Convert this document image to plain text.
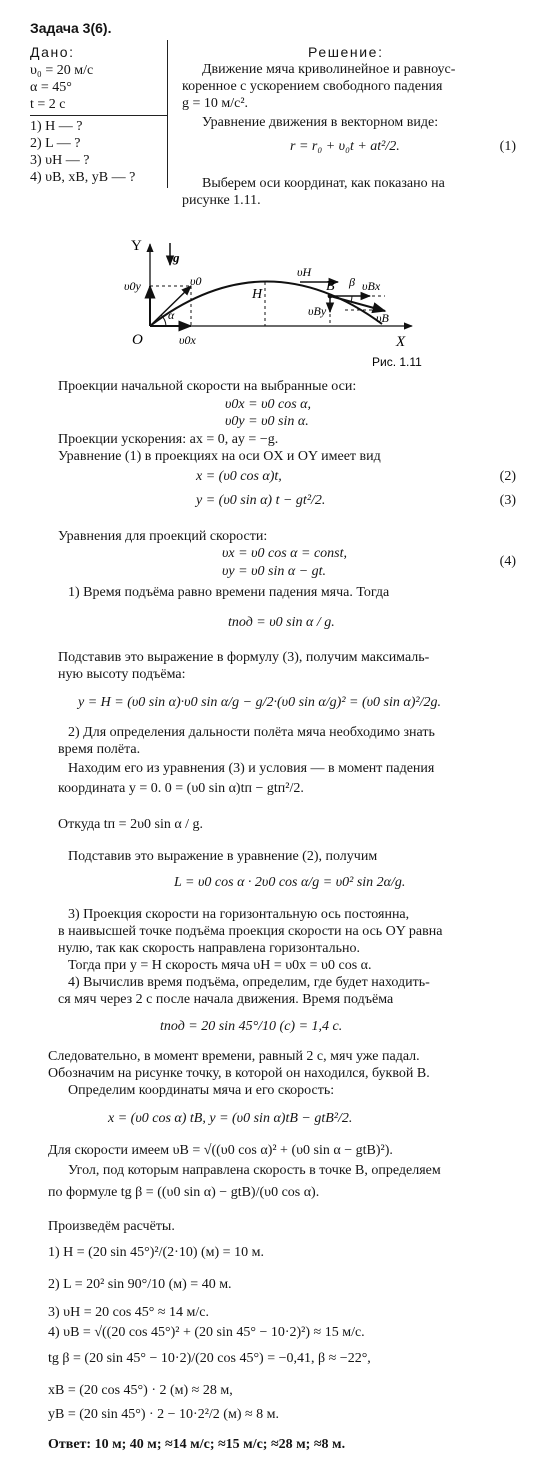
Задача 3(6).
Дано:
υ₀ = 20 м/с
α = 45°
t = 2 с
1) H — ?
2) L — ?
3) υH — ?
4) υB, xB, yB — ?
Решение:
Движение мяча криволинейное и равноус-
коренное с ускорением свободного падения
g = 10 м/с².
Уравнение движения в векторном виде:
r = r₀ + υ₀t + at²/2.	(1)
Выберем оси координат, как показано на
рисунке 1.11.
Y
X
O
g
υ0
υ0y
υ0x
α
H
υH
B β υBx
υBy	υB
Рис. 1.11
Проекции начальной скорости на выбранные оси:
υ0x = υ0 cos α,
υ0y = υ0 sin α.
Проекции ускорения: ax = 0, ay = −g.
Уравнение (1) в проекциях на оси OX и OY имеет вид
x = (υ0 cos α)t,	(2)
y = (υ0 sin α) t − gt²/2.	(3)
Уравнения для проекций скорости:
υx = υ0 cos α = const,
υy = υ0 sin α − gt.
(4)
1) Время подъёма равно времени падения мяча. Тогда
tпод = υ0 sin α / g.
Подставив это выражение в формулу (3), получим максималь-
ную высоту подъёма:
y = H = (υ0 sin α)·υ0 sin α/g − g/2·(υ0 sin α/g)² = (υ0 sin α)²/2g.
2) Для определения дальности полёта мяча необходимо знать
время полёта.
Находим его из уравнения (3) и условия — в момент падения
координата y = 0. 0 = (υ0 sin α)tп − gtп²/2.
Откуда tп = 2υ0 sin α / g.
Подставив это выражение в уравнение (2), получим
L = υ0 cos α · 2υ0 cos α/g = υ0² sin 2α/g.
3) Проекция скорости на горизонтальную ось постоянна,
в наивысшей точке подъёма проекция скорости на ось OY равна
нулю, так как скорость направлена горизонтально.
Тогда при y = H скорость мяча υH = υ0x = υ0 cos α.
4) Вычислив время подъёма, определим, где будет находить-
ся мяч через 2 с после начала движения. Время подъёма
tпод = 20 sin 45°/10 (с) = 1,4 с.
Следовательно, в момент времени, равный 2 с, мяч уже падал.
Обозначим на рисунке точку, в которой он находился, буквой B.
Определим координаты мяча и его скорость:
x = (υ0 cos α) tB, y = (υ0 sin α)tB − gtB²/2.
Для скорости имеем υB = √((υ0 cos α)² + (υ0 sin α − gtB)²).
Угол, под которым направлена скорость в точке B, определяем
по формуле tg β = ((υ0 sin α) − gtB)/(υ0 cos α).
Произведём расчёты.
1) H = (20 sin 45°)²/(2·10) (м) = 10 м.
2) L = 20² sin 90°/10 (м) = 40 м.
3) υH = 20 cos 45° ≈ 14 м/с.
4) υB = √((20 cos 45°)² + (20 sin 45° − 10·2)²) ≈ 15 м/с.
tg β = (20 sin 45° − 10·2)/(20 cos 45°) = −0,41, β ≈ −22°,
xB = (20 cos 45°) · 2 (м) ≈ 28 м,
yB = (20 sin 45°) · 2 − 10·2²/2 (м) ≈ 8 м.
Ответ: 10 м; 40 м; ≈14 м/с; ≈15 м/с; ≈28 м; ≈8 м.
